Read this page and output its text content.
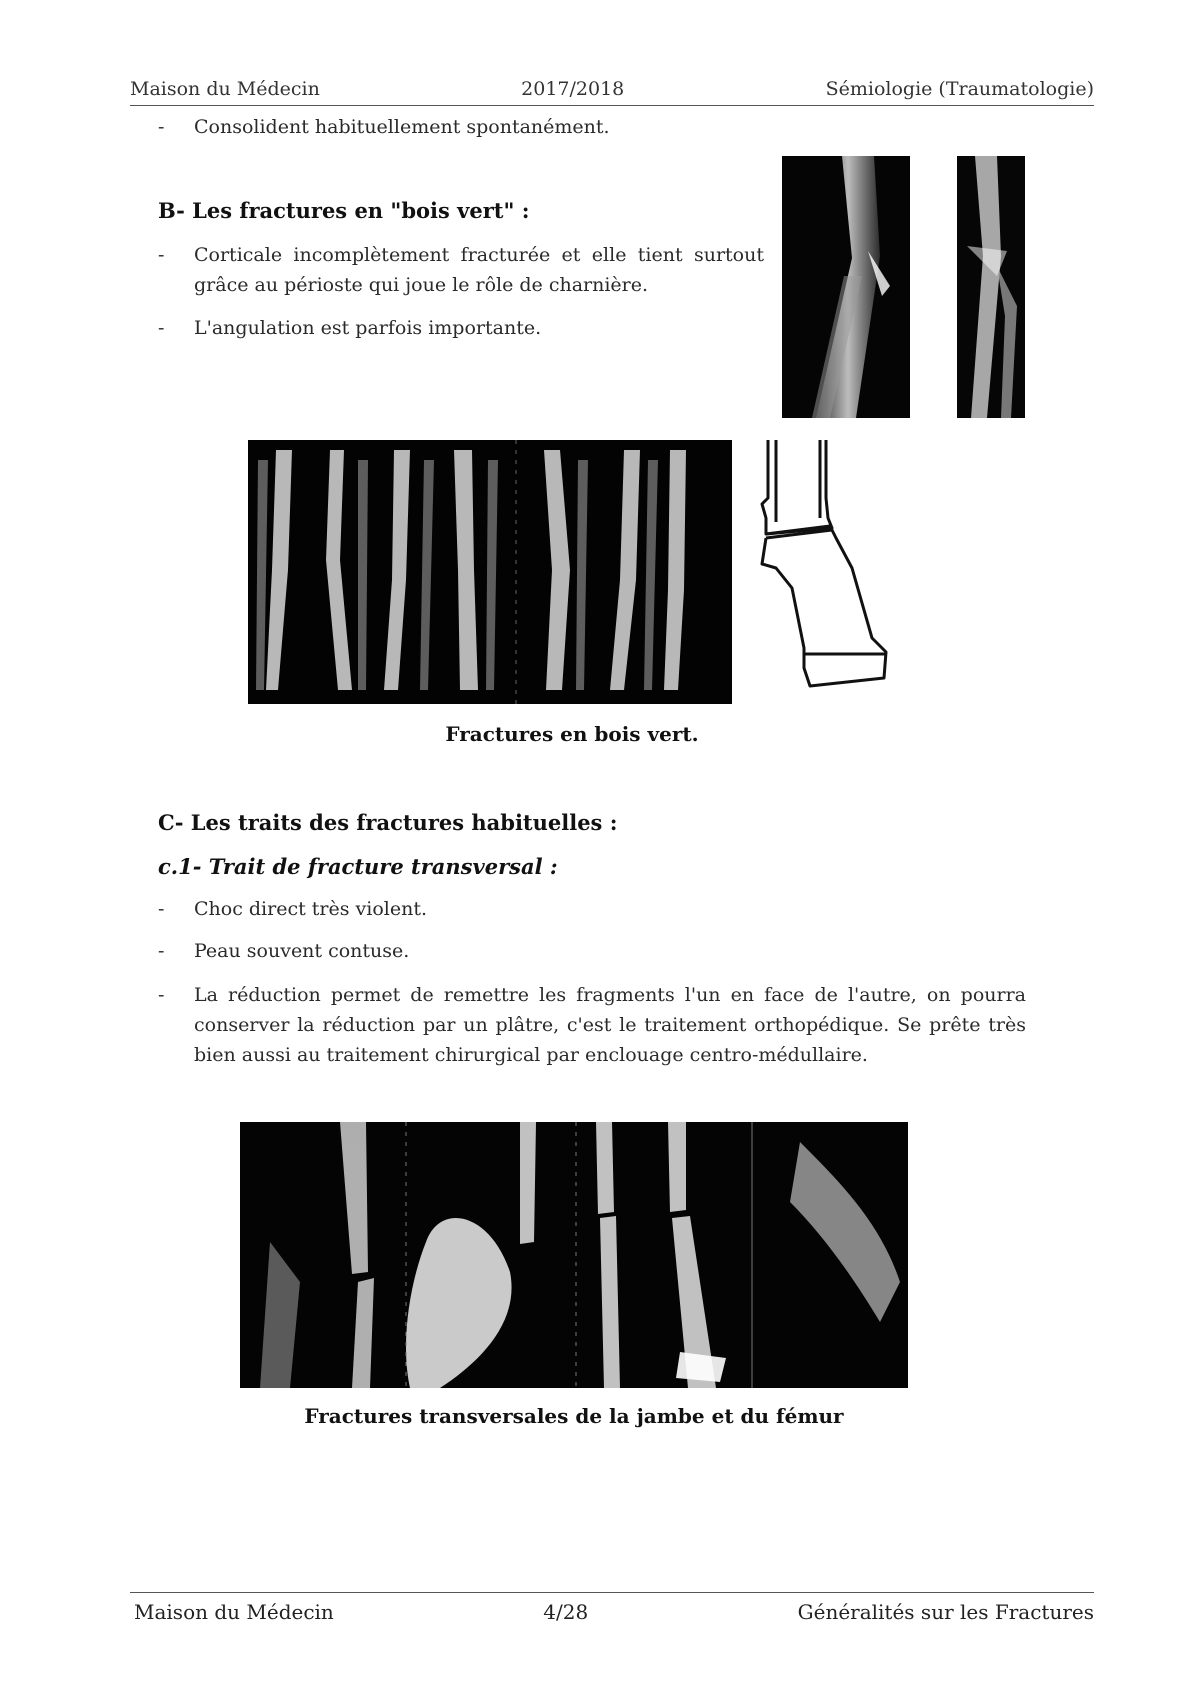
Maison du Médecin	2017/2018	Sémiologie (Traumatologie)
-	Consolident habituellement spontanément.
B- Les fractures en "bois vert" :
-	Corticale incomplètement fracturée et elle tient surtout grâce au périoste qui joue le rôle de charnière.
-	L'angulation est parfois importante.
Fractures en bois vert.
C- Les traits des fractures habituelles :
c.1- Trait de fracture transversal :
-	Choc direct très violent.
-	Peau souvent contuse.
-	La réduction permet de remettre les fragments l'un en face de l'autre, on pourra conserver la réduction par un plâtre, c'est le traitement orthopédique. Se prête très bien aussi au traitement chirurgical par enclouage centro-médullaire.
Fractures transversales de la jambe et du fémur
Maison du Médecin	4/28	Généralités sur les Fractures
